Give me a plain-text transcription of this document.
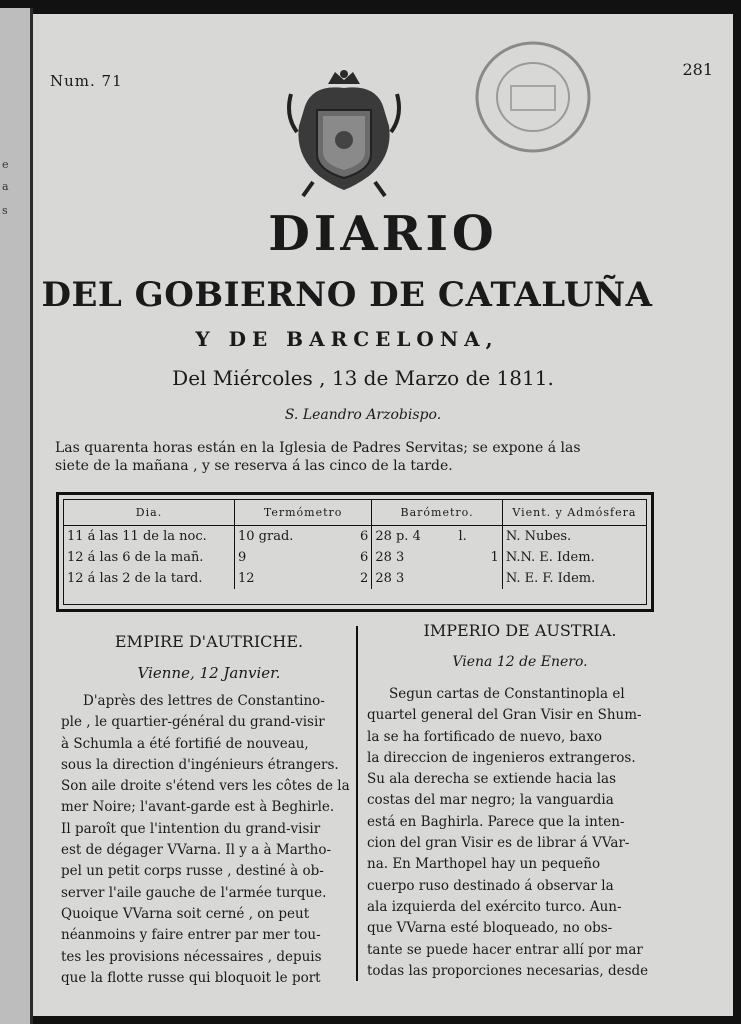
e
a
s
Num. 71
281
DIARIO
DEL GOBIERNO DE CATALUÑA
Y DE BARCELONA,
Del Miércoles , 13 de Marzo de 1811.
S. Leandro Arzobispo.
Las quarenta horas están en la Iglesia de Padres Servitas; se expone á las
siete de la mañana , y se reserva á las cinco de la tarde.
Dia.	Termómetro		Barómetro.			Vient. y Admósfera
11 á las 11 de la noc.	10 grad.	6	28 p. 4	l.		N. Nubes.
12 á las 6 de la mañ.	9	6	28 3		1	N.N. E. Idem.
12 á las 2 de la tard.	12	2	28 3			N. E. F. Idem.
EMPIRE D'AUTRICHE.
Vienne, 12 Janvier.
IMPERIO DE AUSTRIA.
Viena 12 de Enero.
D'après des lettres de Constantino-
ple , le quartier-général du grand-visir
à Schumla a été fortifié de nouveau,
sous la direction d'ingénieurs étrangers.
Son aile droite s'étend vers les côtes de la
mer Noire; l'avant-garde est à Beghirle.
Il paroît que l'intention du grand-visir
est de dégager VVarna. Il y a à Martho-
pel un petit corps russe , destiné à ob-
server l'aile gauche de l'armée turque.
Quoique VVarna soit cerné , on peut
néanmoins y faire entrer par mer tou-
tes les provisions nécessaires , depuis
que la flotte russe qui bloquoit le port
Segun cartas de Constantinopla el
quartel general del Gran Visir en Shum-
la se ha fortificado de nuevo, baxo
la direccion de ingenieros extrangeros.
Su ala derecha se extiende hacia las
costas del mar negro; la vanguardia
está en Baghirla. Parece que la inten-
cion del gran Visir es de librar á VVar-
na. En Marthopel hay un pequeño
cuerpo ruso destinado á observar la
ala izquierda del exército turco. Aun-
que VVarna esté bloqueado, no obs-
tante se puede hacer entrar allí por mar
todas las proporciones necesarias, desde
